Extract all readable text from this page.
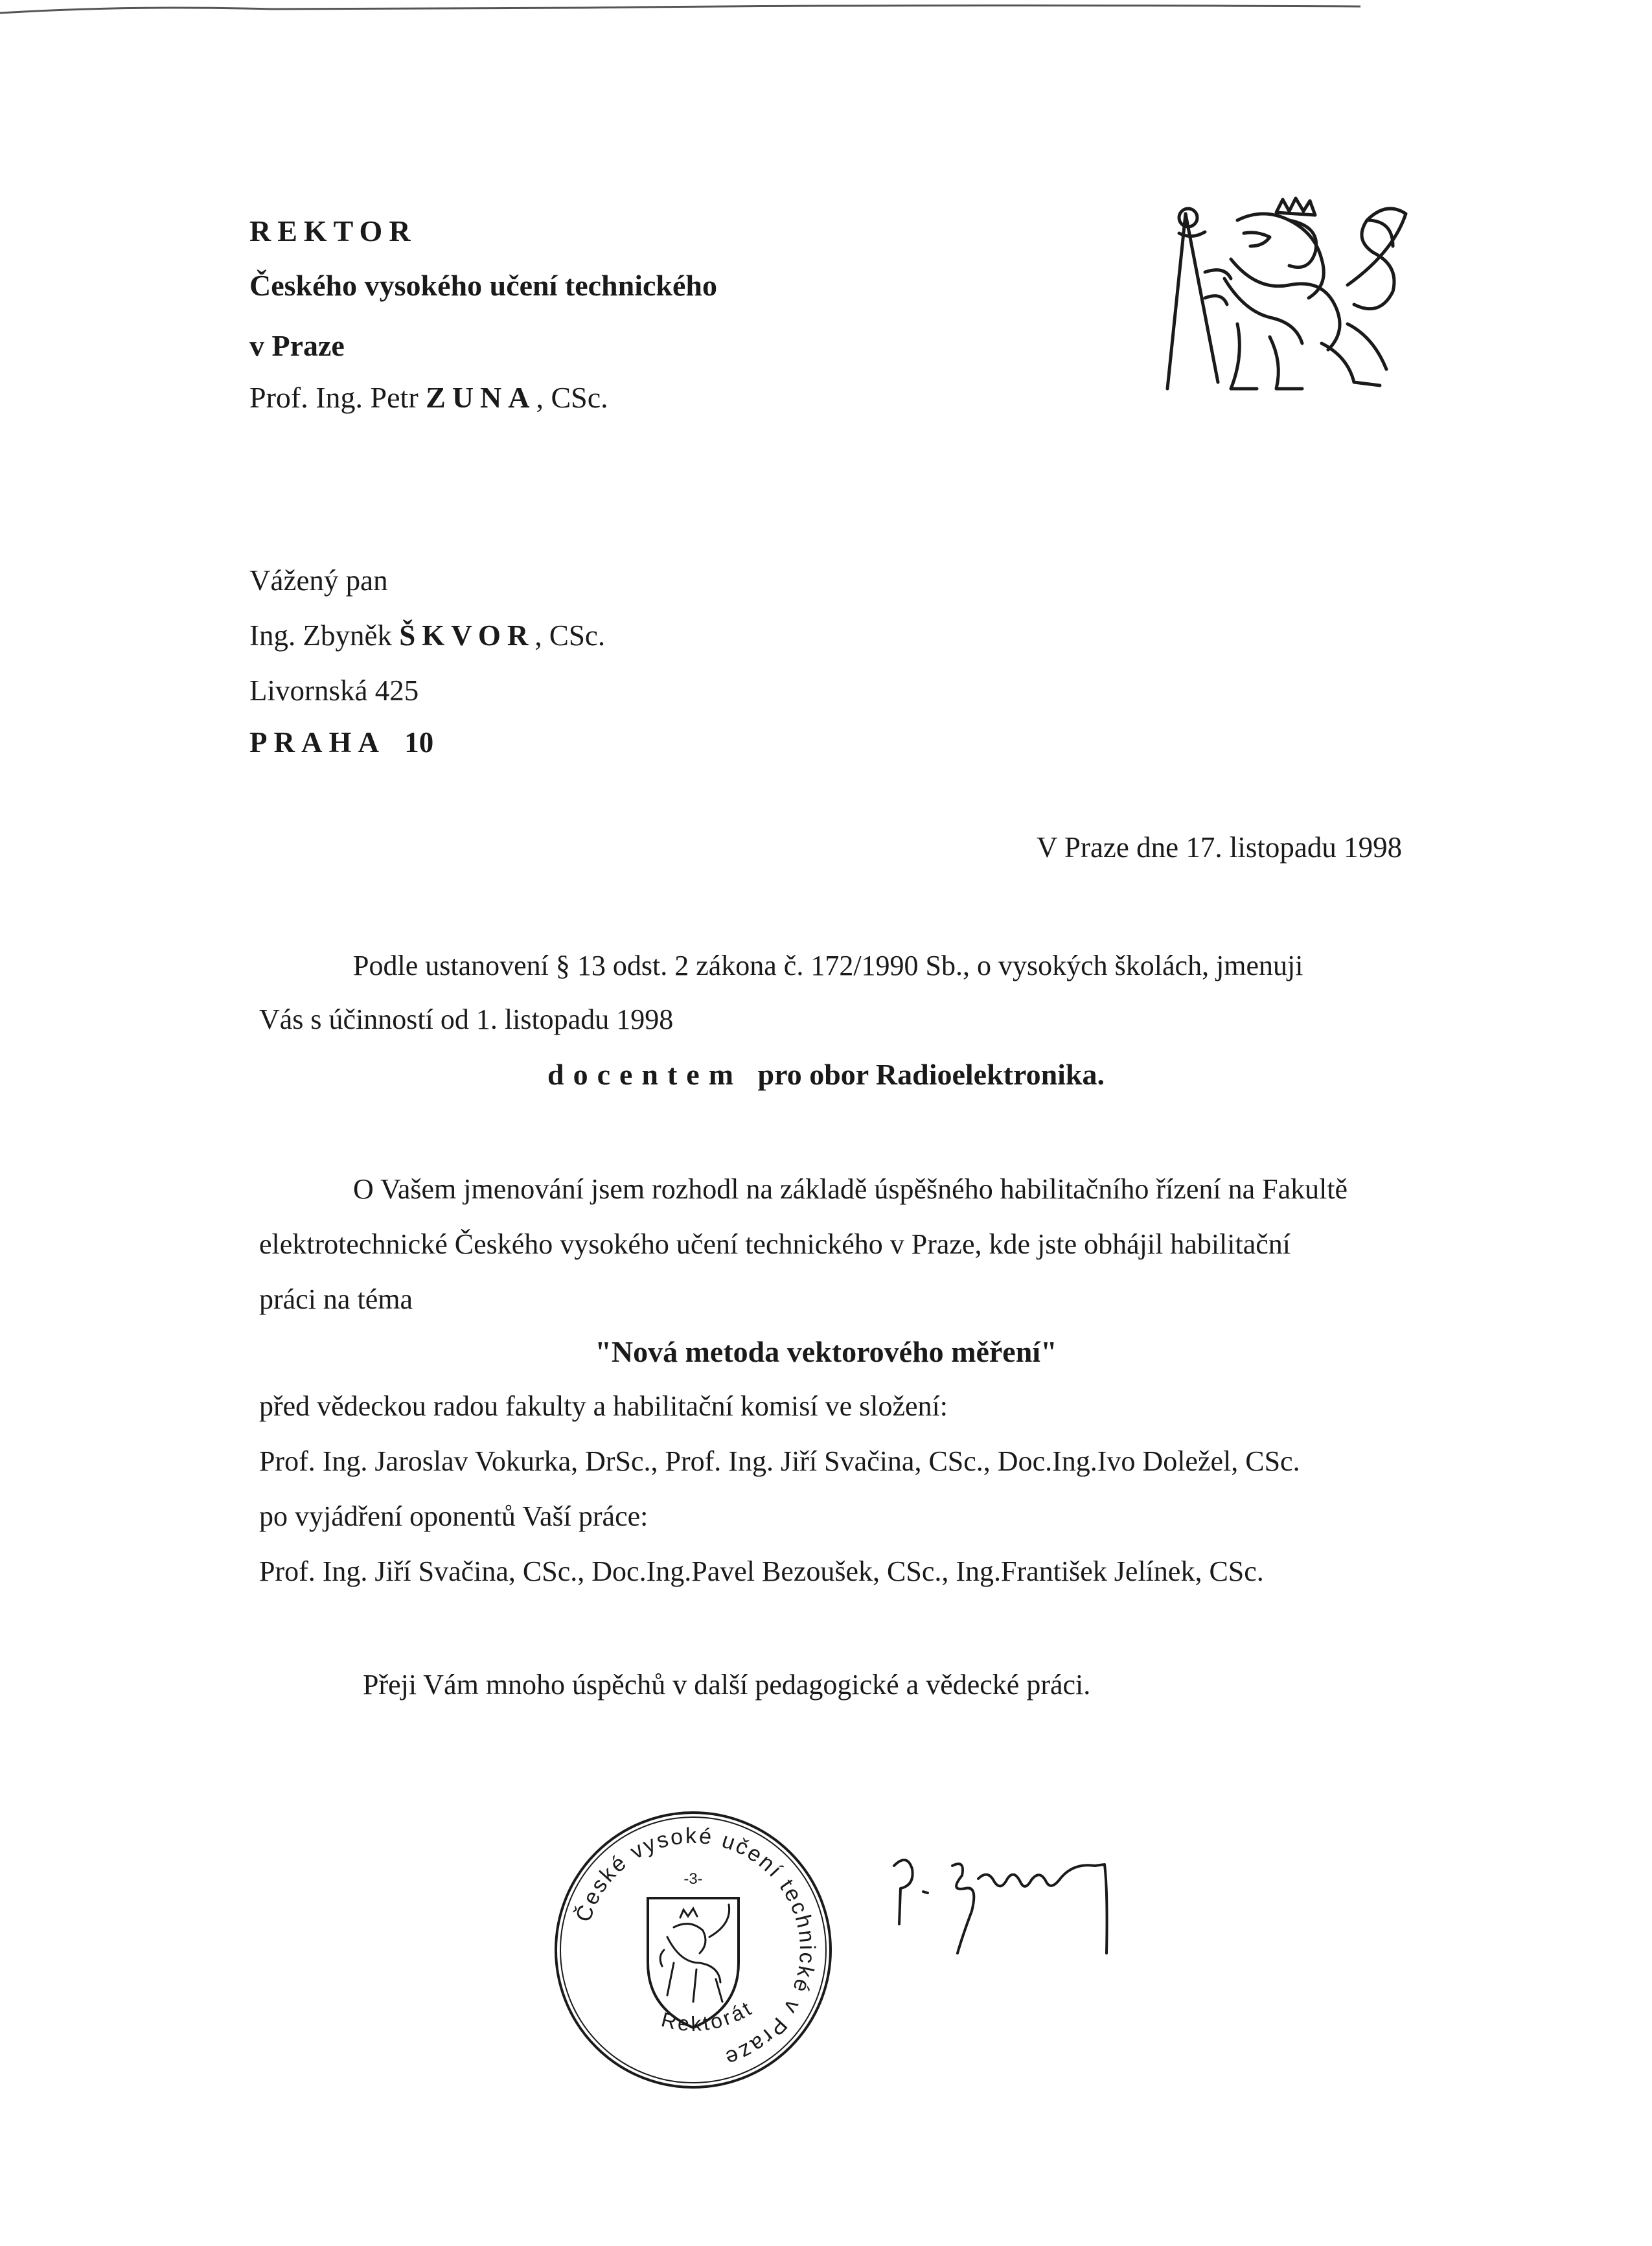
REKTOR
Českého vysokého učení technického
v Praze
Prof. Ing. Petr ZUNA, CSc.
Vážený pan
Ing. Zbyněk ŠKVOR, CSc.
Livornská 425
PRAHA 10
V Praze dne 17. listopadu 1998
Podle ustanovení § 13 odst. 2 zákona č. 172/1990 Sb., o vysokých školách, jmenuji
Vás s účinností od 1. listopadu 1998
docentem pro obor Radioelektronika.
O Vašem jmenování jsem rozhodl na základě úspěšného habilitačního řízení na Fakultě
elektrotechnické Českého vysokého učení technického v Praze, kde jste obhájil habilitační
práci na téma
"Nová metoda vektorového měření"
před vědeckou radou fakulty a habilitační komisí ve složení:
Prof. Ing. Jaroslav Vokurka, DrSc., Prof. Ing. Jiří Svačina, CSc., Doc.Ing.Ivo Doležel, CSc.
po vyjádření oponentů Vaší práce:
Prof. Ing. Jiří Svačina, CSc., Doc.Ing.Pavel Bezoušek, CSc., Ing.František Jelínek, CSc.
Přeji Vám mnoho úspěchů v další pedagogické a vědecké práci.
České vysoké učení technické v Praze
Rektorát
-3-
